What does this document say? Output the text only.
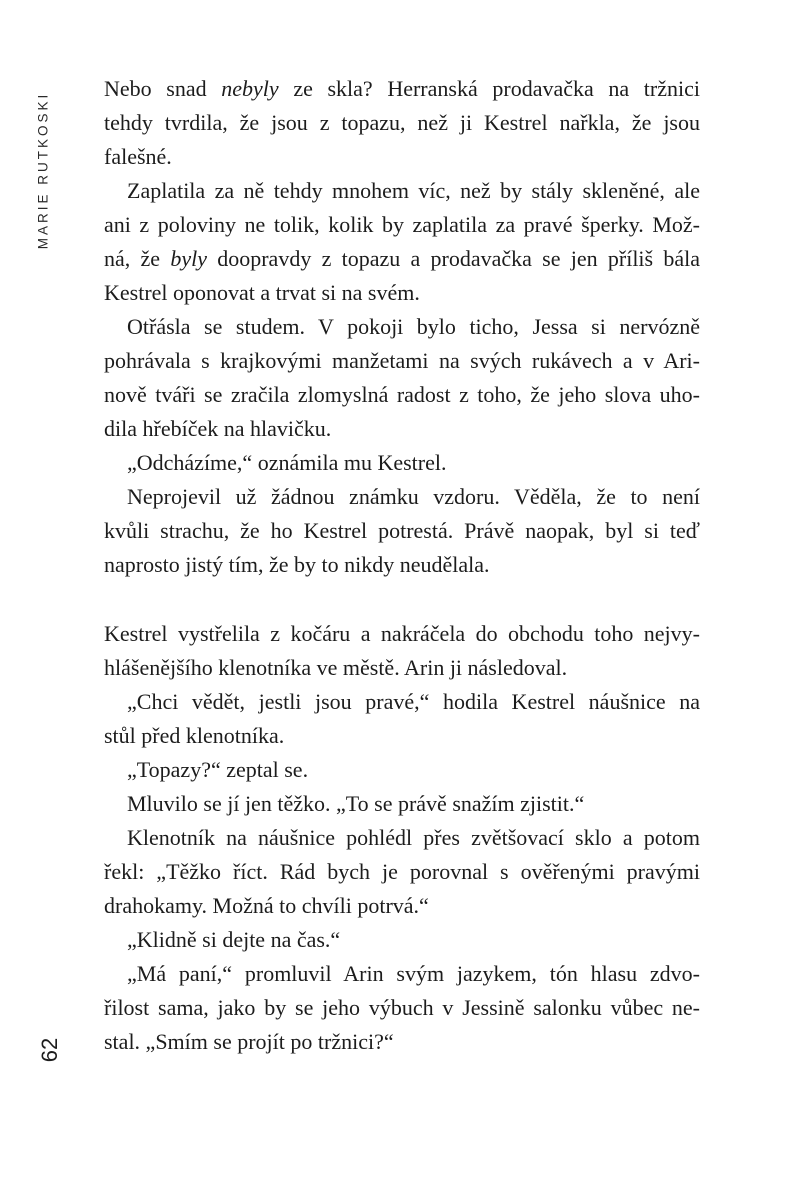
MARIE RUTKOSKI
Nebo snad nebyly ze skla? Herranská prodavačka na tržnici
tehdy tvrdila, že jsou z topazu, než ji Kestrel nařkla, že jsou
falešné.
Zaplatila za ně tehdy mnohem víc, než by stály skleněné, ale
ani z poloviny ne tolik, kolik by zaplatila za pravé šperky. Mož-
ná, že byly doopravdy z topazu a prodavačka se jen příliš bála
Kestrel oponovat a trvat si na svém.
Otřásla se studem. V pokoji bylo ticho, Jessa si nervózně
pohrávala s krajkovými manžetami na svých rukávech a v Ari-
nově tváři se zračila zlomyslná radost z toho, že jeho slova uho-
dila hřebíček na hlavičku.
„Odcházíme,“ oznámila mu Kestrel.
Neprojevil už žádnou známku vzdoru. Věděla, že to není
kvůli strachu, že ho Kestrel potrestá. Právě naopak, byl si teď
naprosto jistý tím, že by to nikdy neudělala.
Kestrel vystřelila z kočáru a nakráčela do obchodu toho nejvy-
hlášenějšího klenotníka ve městě. Arin ji následoval.
„Chci vědět, jestli jsou pravé,“ hodila Kestrel náušnice na
stůl před klenotníka.
„Topazy?“ zeptal se.
Mluvilo se jí jen těžko. „To se právě snažím zjistit.“
Klenotník na náušnice pohlédl přes zvětšovací sklo a potom
řekl: „Těžko říct. Rád bych je porovnal s ověřenými pravými
drahokamy. Možná to chvíli potrvá.“
„Klidně si dejte na čas.“
„Má paní,“ promluvil Arin svým jazykem, tón hlasu zdvo-
řilost sama, jako by se jeho výbuch v Jessině salonku vůbec ne-
stal. „Smím se projít po tržnici?“
62
